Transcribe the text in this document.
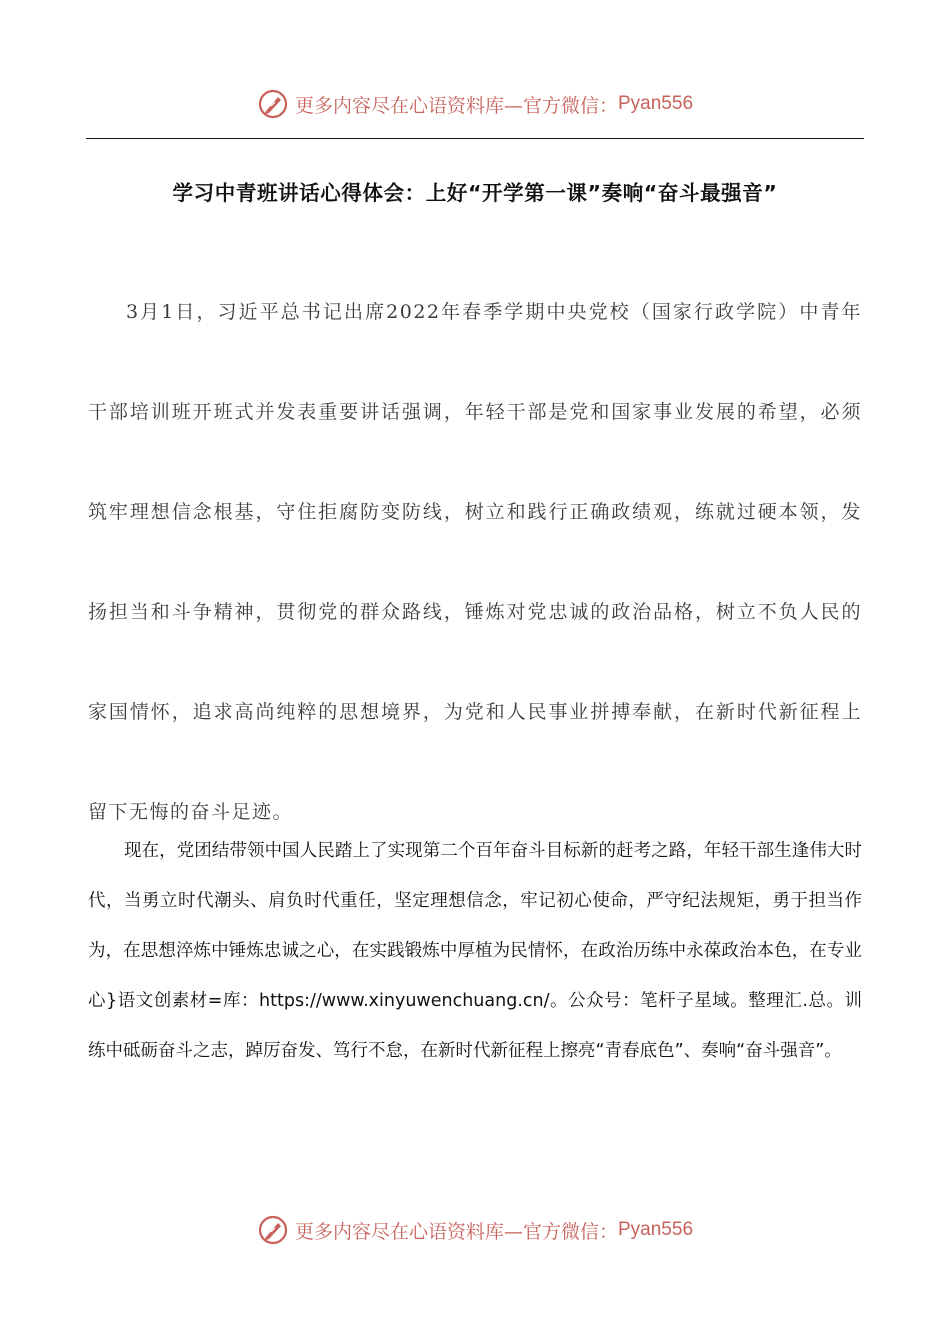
更多内容尽在心语资料库—官方微信： Pyan556
学习中青班讲话心得体会：上好“开学第一课”奏响“奋斗最强音”

3月1日，习近平总书记出席2022年春季学期中央党校（国家行政学院）中青年干部培训班开班式并发表重要讲话强调，年轻干部是党和国家事业发展的希望，必须筑牢理想信念根基，守住拒腐防变防线，树立和践行正确政绩观，练就过硬本领，发扬担当和斗争精神，贯彻党的群众路线，锤炼对党忠诚的政治品格，树立不负人民的家国情怀，追求高尚纯粹的思想境界，为党和人民事业拼搏奉献，在新时代新征程上留下无悔的奋斗足迹。

现在，党团结带领中国人民踏上了实现第二个百年奋斗目标新的赶考之路，年轻干部生逢伟大时代，当勇立时代潮头、肩负时代重任，坚定理想信念，牢记初心使命，严守纪法规矩，勇于担当作为，在思想淬炼中锤炼忠诚之心，在实践锻炼中厚植为民情怀，在政治历练中永葆政治本色，在专业心}语文创素材=库：https://www.xinyuwenchuang.cn/。公众号：笔杆子星域。整理汇.总。训练中砥砺奋斗之志，踔厉奋发、笃行不怠，在新时代新征程上擦亮“青春底色”、奏响“奋斗强音”。

更多内容尽在心语资料库—官方微信： Pyan556
